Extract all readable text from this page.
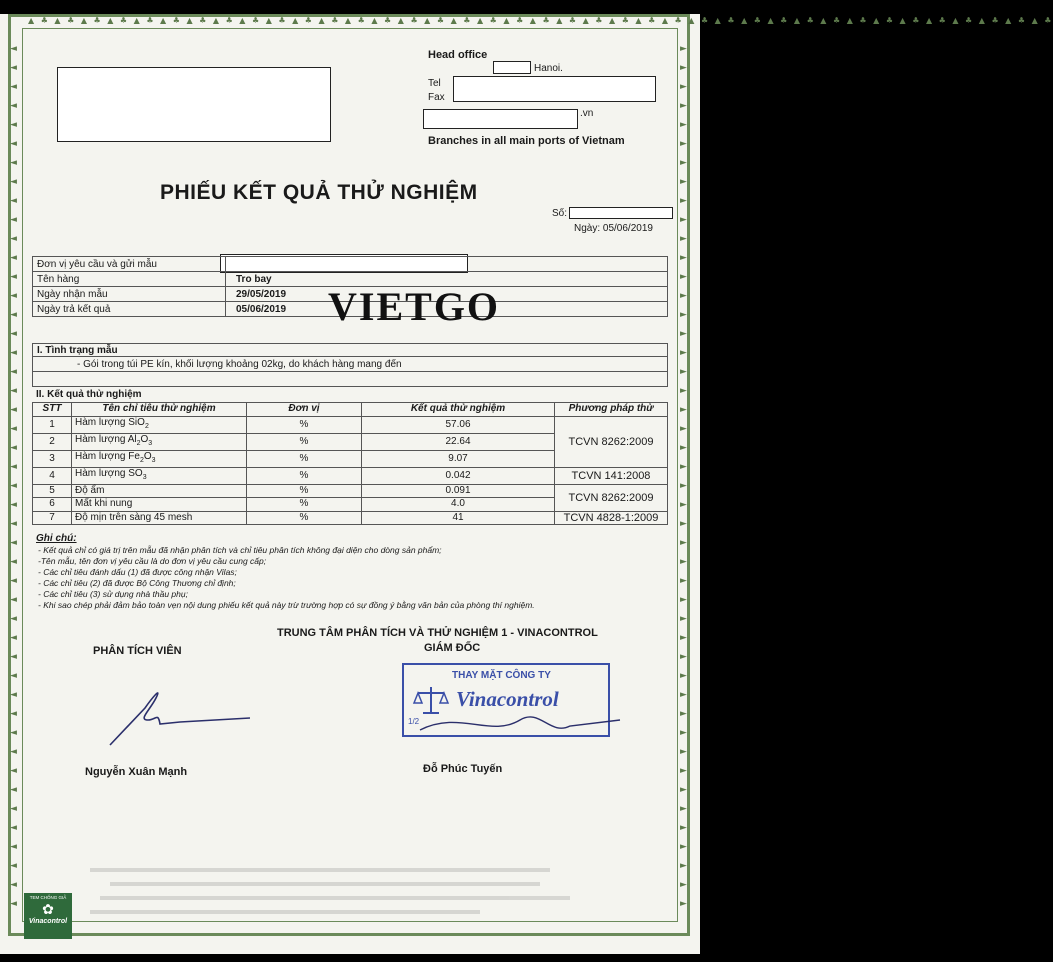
▲ ♣ ▲ ♣ ▲ ♣ ▲ ♣ ▲ ♣ ▲ ♣ ▲ ♣ ▲ ♣ ▲ ♣ ▲ ♣ ▲ ♣ ▲ ♣ ▲ ♣ ▲ ♣ ▲ ♣ ▲ ♣ ▲ ♣ ▲ ♣ ▲ ♣ ▲ ♣ ▲ ♣ ▲ ♣ ▲ ♣ ▲ ♣ ▲ ♣ ▲ ♣ ▲ ♣ ▲ ♣ ▲ ♣ ▲ ♣ ▲ ♣ ▲ ♣ ▲ ♣ ▲ ♣ ▲ ♣ ▲ ♣ ▲ ♣ ▲ ♣ ▲ ♣
◄
◄
◄
◄
◄
◄
◄
◄
◄
◄
◄
◄
◄
◄
◄
◄
◄
◄
◄
◄
◄
◄
◄
◄
◄
◄
◄
◄
◄
◄
◄
◄
◄
◄
◄
◄
◄
◄
◄
◄
◄
◄
◄
◄
◄
◄
►
►
►
►
►
►
►
►
►
►
►
►
►
►
►
►
►
►
►
►
►
►
►
►
►
►
►
►
►
►
►
►
►
►
►
►
►
►
►
►
►
►
►
►
►
►
Head office
Hanoi.
Tel
Fax
.vn
Branches in all main ports of Vietnam
PHIẾU KẾT QUẢ THỬ NGHIỆM
Số:
Ngày: 05/06/2019
Đơn vị yêu cầu và gửi mẫu	
Tên hàng	Tro bay
Ngày nhận mẫu	29/05/2019
Ngày trả kết quả	05/06/2019 VIETGO
I. Tình trạng mẫu
- Gói trong túi PE kín, khối lượng khoảng 02kg, do khách hàng mang đến

II. Kết quả thử nghiệm
STT	Tên chỉ tiêu thử nghiệm	Đơn vị	Kết quả thử nghiệm	Phương pháp thử
1	Hàm lượng SiO$_2$	%	57.06	TCVN 8262:2009
2	Hàm lượng $Al_2O_3$	%	22.64	
3	Hàm lượng $Fe_2O_3$	%	9.07	
4	Hàm lượng $SO_3$	%	0.042	TCVN 141:2008
5	Độ ẩm	%	0.091	TCVN 8262:2009
6	Mất khi nung	%	4.0	
7	Độ mịn trên sàng 45 mesh	%	41	TCVN 4828-1:2009
Ghi chú:
- Kết quả chỉ có giá trị trên mẫu đã nhận phân tích và chỉ tiêu phân tích không đại diện cho dòng sản phẩm;
-Tên mẫu, tên đơn vị yêu cầu là do đơn vị yêu cầu cung cấp;
- Các chỉ tiêu đánh dấu (1) đã được công nhận Vilas;
- Các chỉ tiêu (2) đã được Bộ Công Thương chỉ định;
- Các chỉ tiêu (3) sử dụng nhà thầu phụ;
- Khi sao chép phải đảm bảo toàn vẹn nội dung phiếu kết quả này trừ trường hợp có sự đồng ý bằng văn bản của phòng thí nghiệm.
PHÂN TÍCH VIÊN
TRUNG TÂM PHÂN TÍCH VÀ THỬ NGHIỆM 1 - VINACONTROL
GIÁM ĐỐC
THAY MẶT CÔNG TY
Vinacontrol
1/2
Nguyễn Xuân Mạnh	Đỗ Phúc Tuyến
TEM CHỐNG GIẢ
✿
Vinacontrol
